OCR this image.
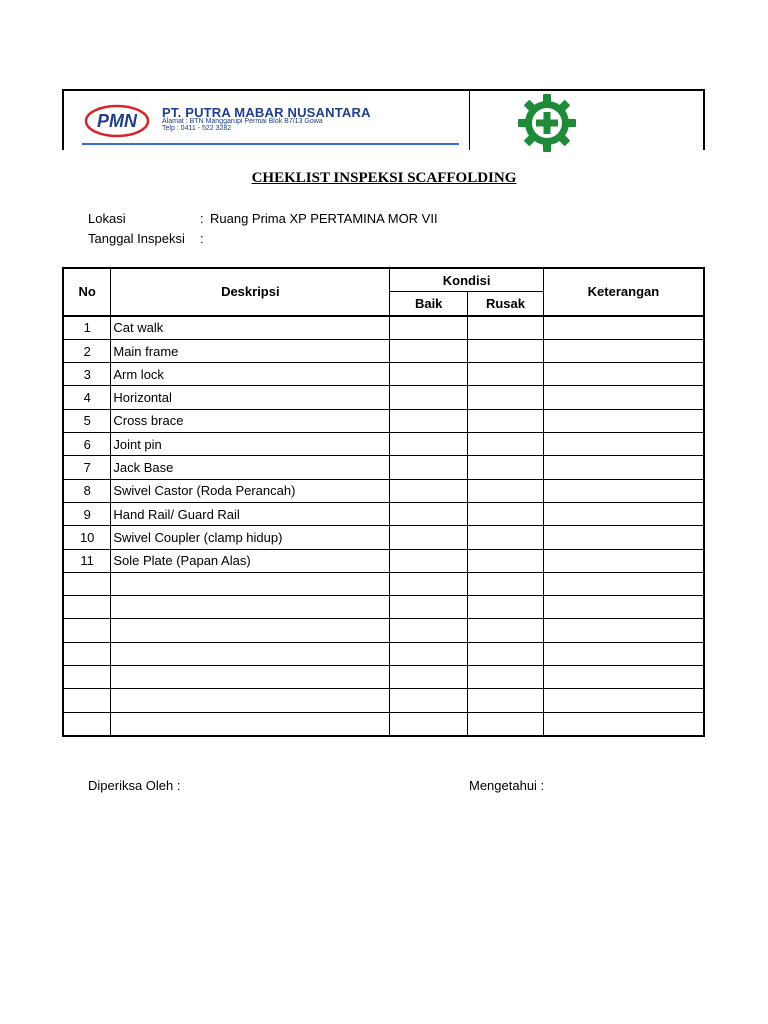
PMN PT. PUTRA MABAR NUSANTARA
Alamat : BTN Manggarupi Permai Blok B7/13 Gowa
Telp : 0411 - 522 3282
CHEKLIST INSPEKSI SCAFFOLDING
Lokasi	: Ruang Prima XP PERTAMINA MOR VII
Tanggal Inspeksi :
No	Deskripsi	Kondisi		Keterangan
		Baik	Rusak	
1	Cat walk			
2	Main frame			
3	Arm lock			
4	Horizontal			
5	Cross brace			
6	Joint pin			
7	Jack Base			
8	Swivel Castor (Roda Perancah)			
9	Hand Rail/ Guard Rail			
10	Swivel Coupler (clamp hidup)			
11	Sole Plate (Papan Alas)			

Diperiksa Oleh :	Mengetahui :
